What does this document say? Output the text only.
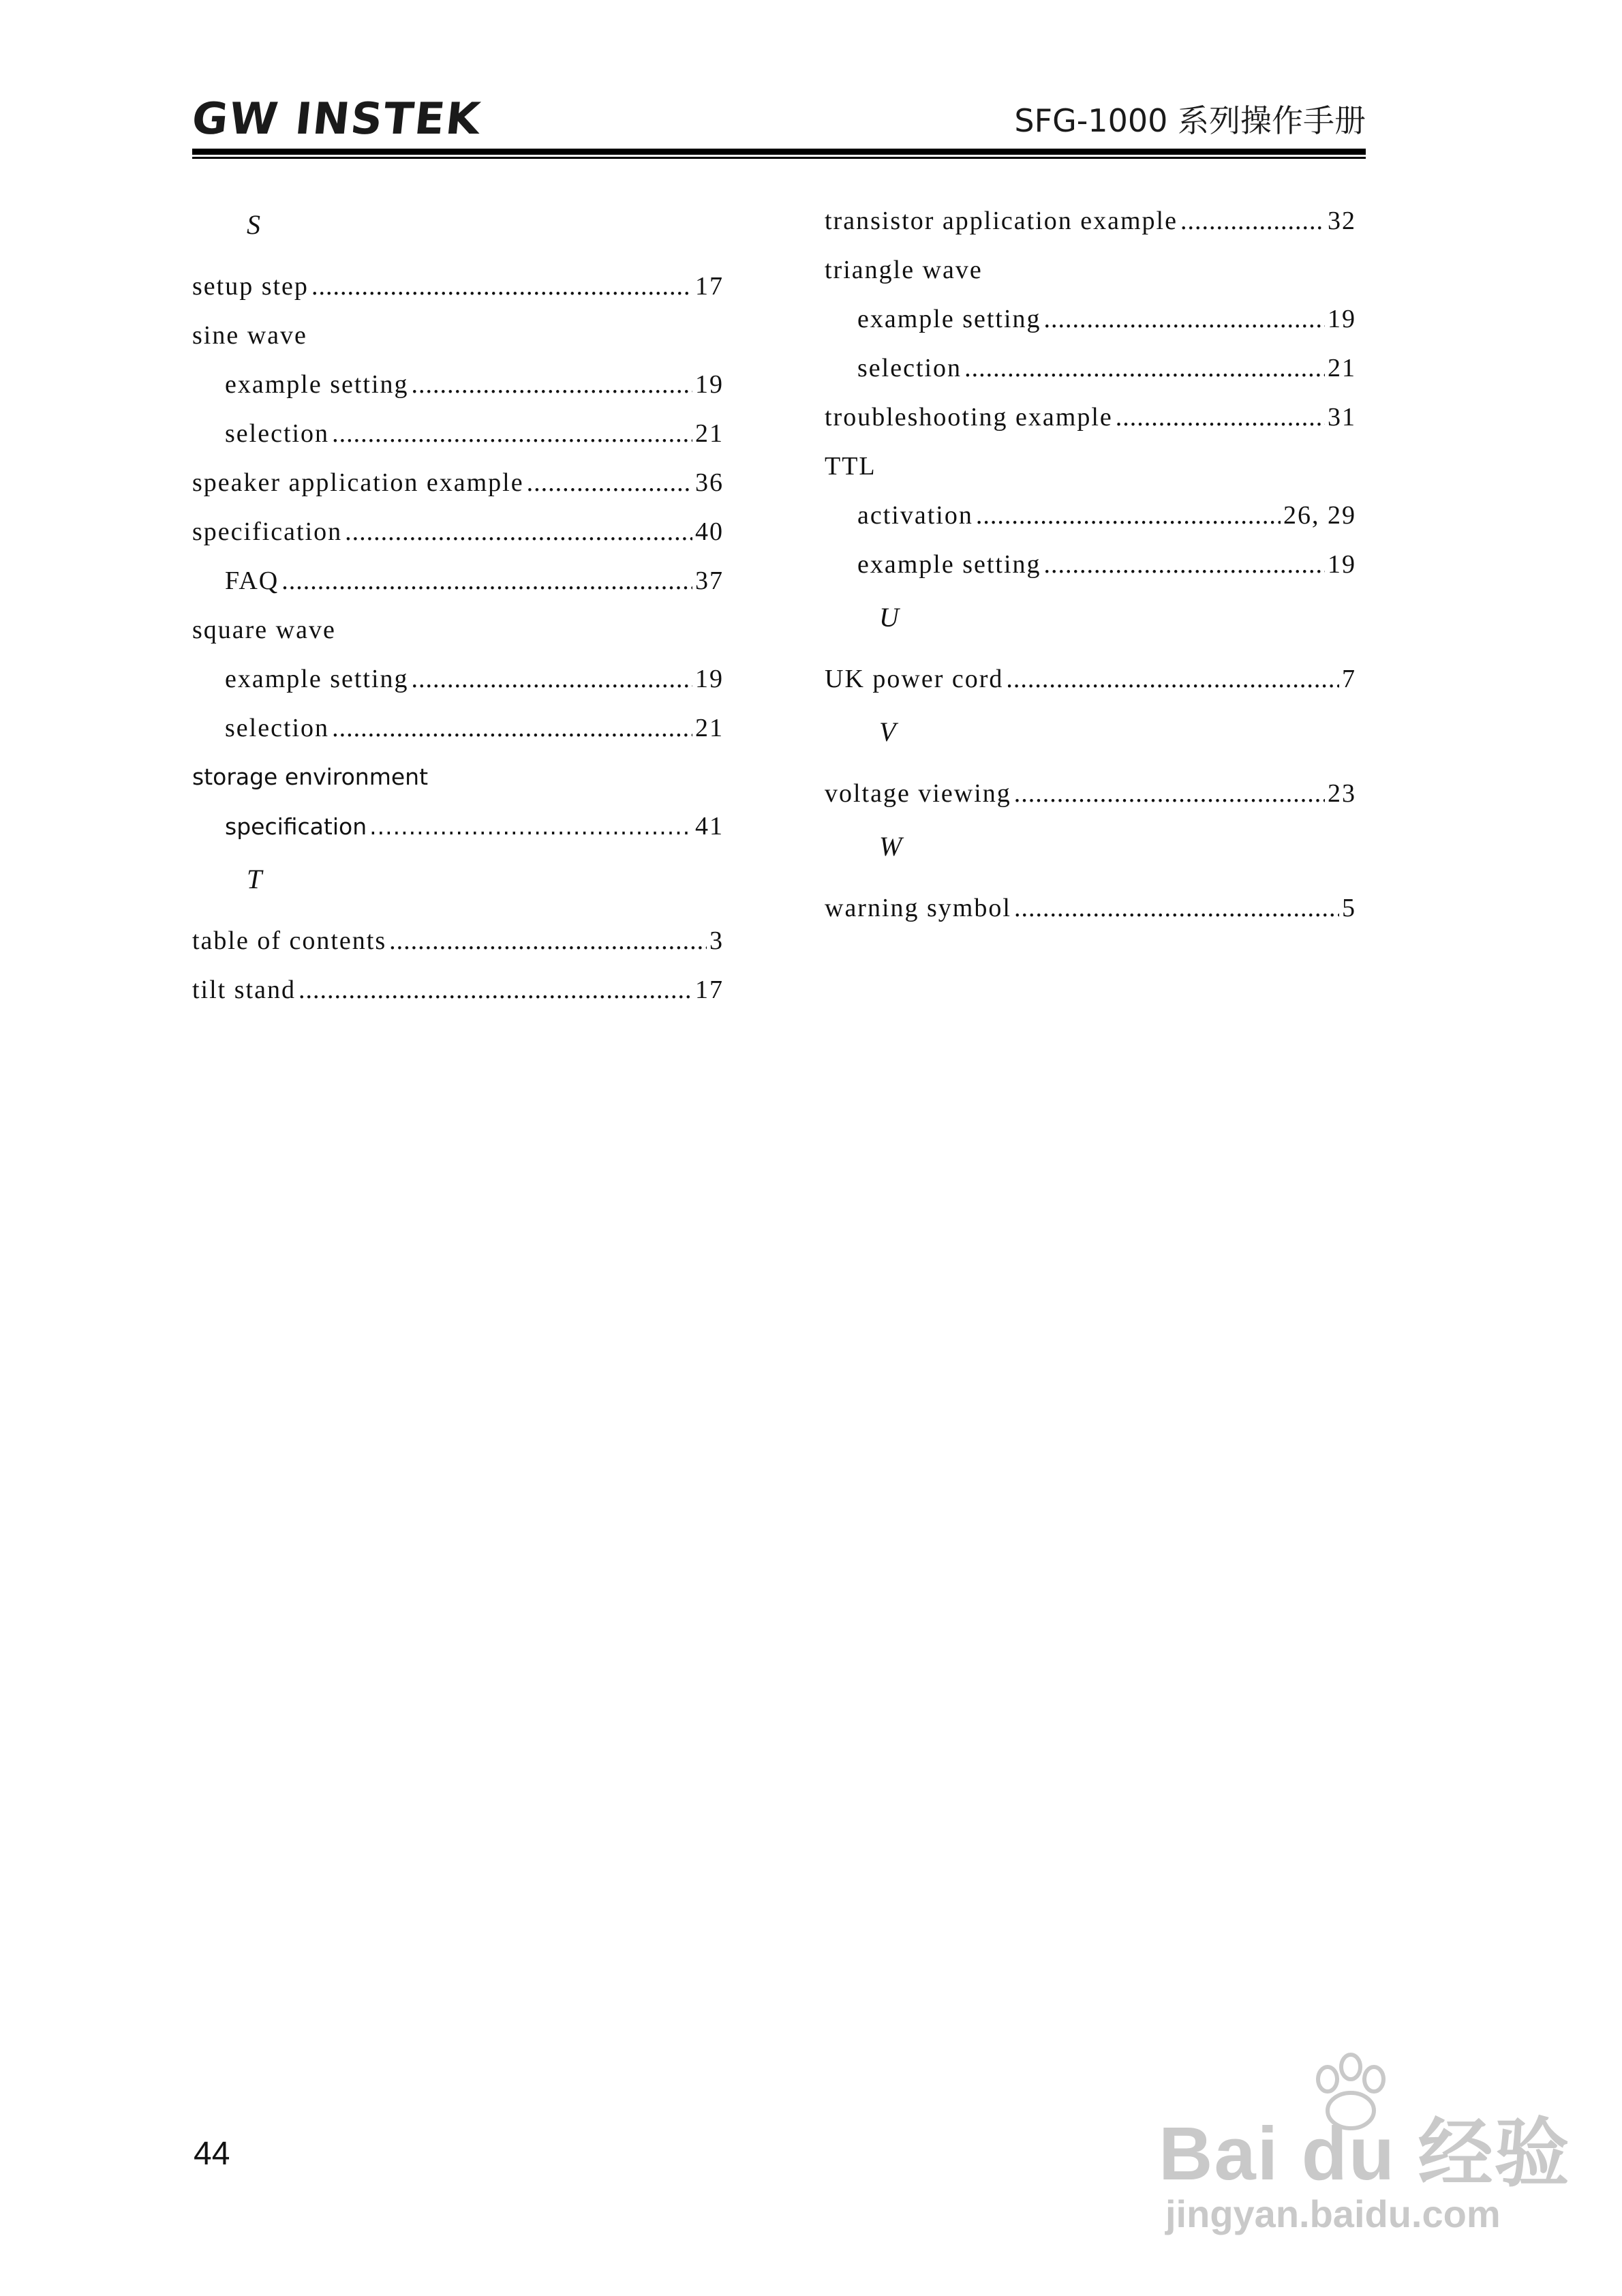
GW INSTEK	SFG-1000 系列操作手册
S
setup step .....	17
sine wave
example setting .....	19
selection .....	21
speaker application example .....	36
specification .....	40
FAQ .....	37
square wave
example setting .....	19
selection .....	21
storage environment
specification .....	41
T
table of contents .....	3
tilt stand .....	17
transistor application example .....	32
triangle wave
example setting .....	19
selection .....	21
troubleshooting example .....	31
TTL
activation .....	26, 29
example setting .....	19
U
UK power cord .....	7
V
voltage viewing .....	23
W
warning symbol .....	5
44	Bai du 经验
jingyan.baidu.com
